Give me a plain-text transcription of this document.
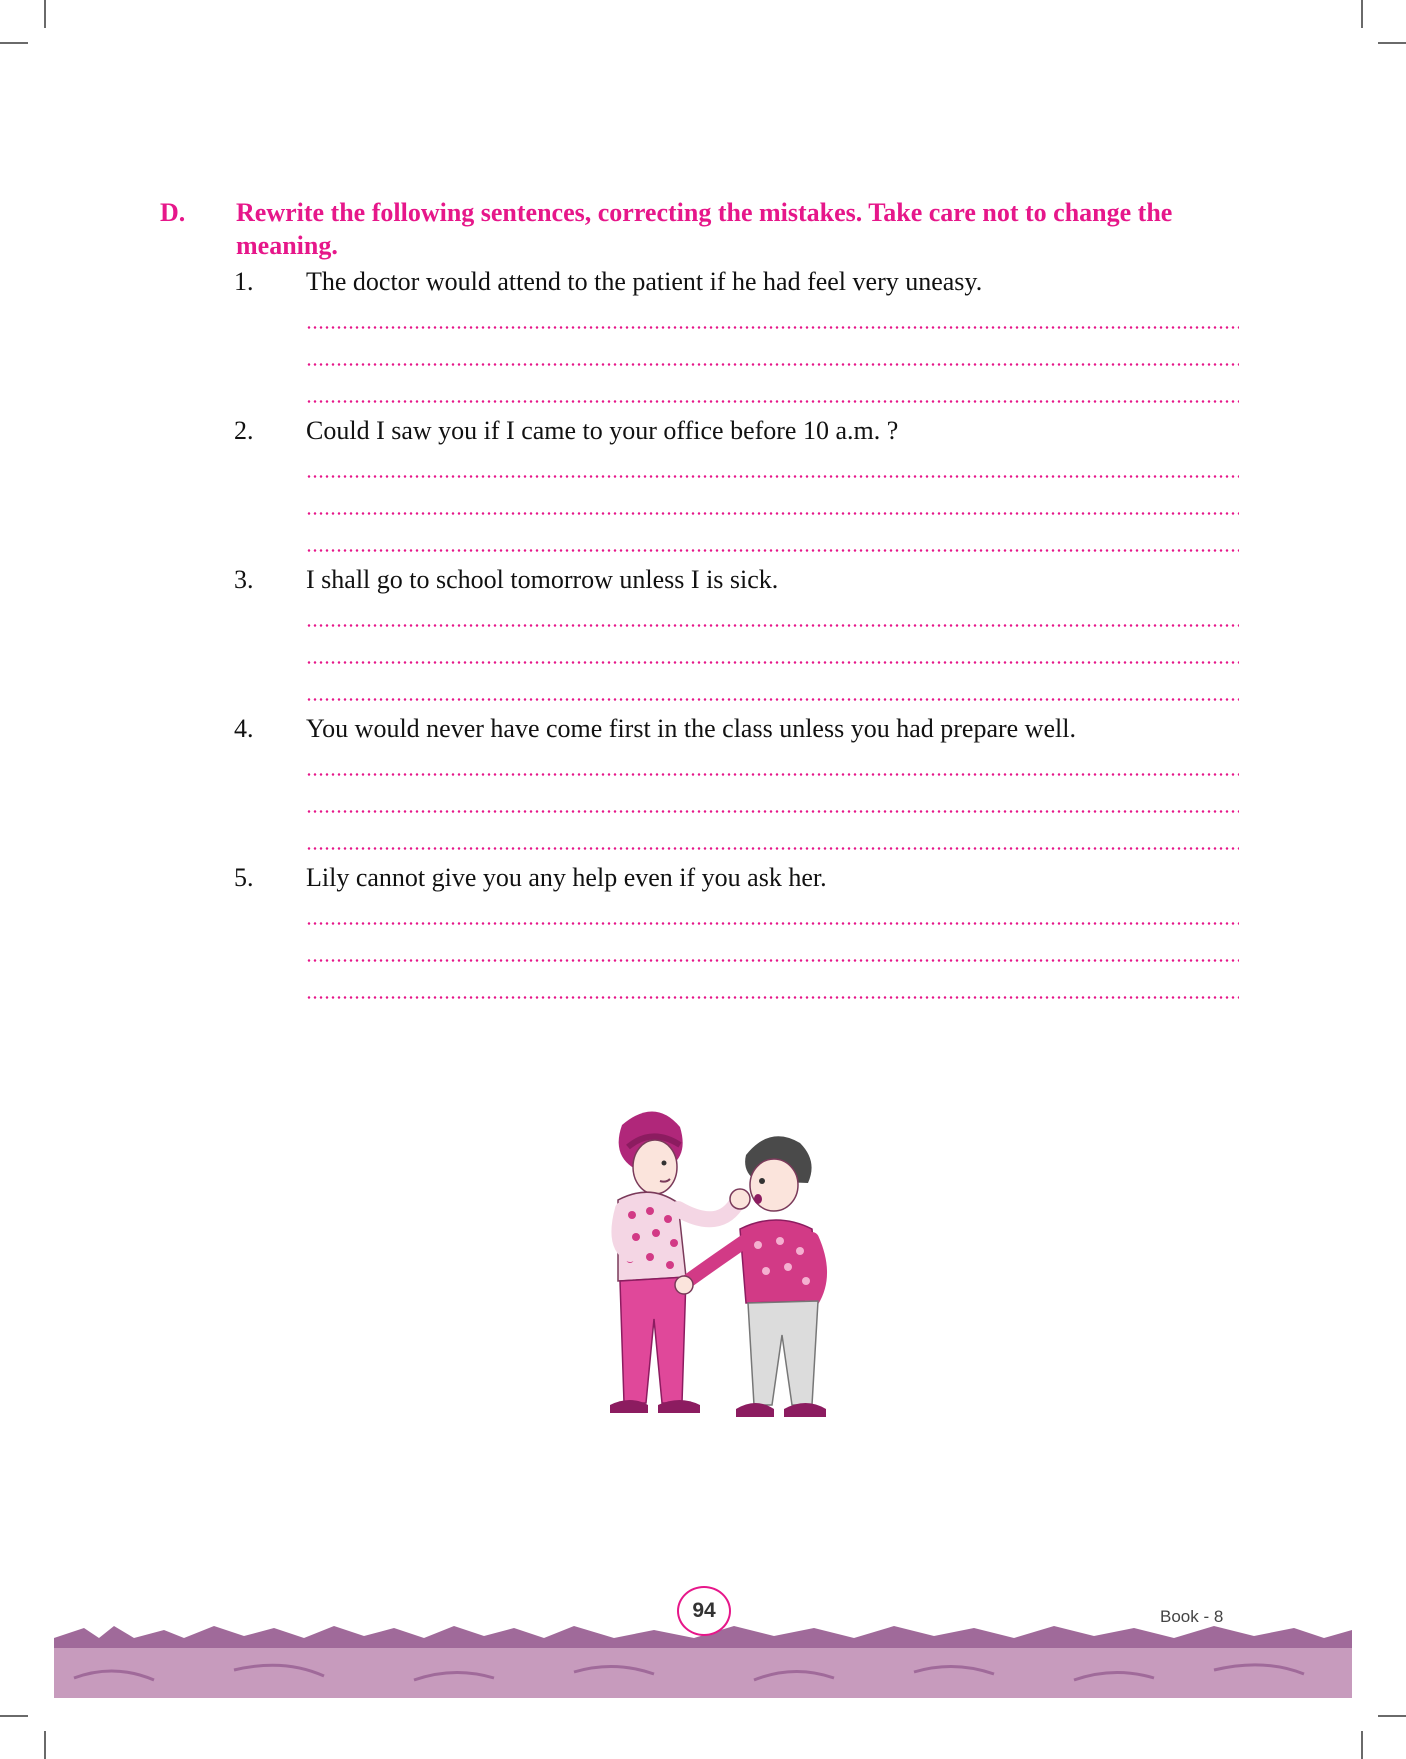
D. Rewrite the following sentences, correcting the mistakes. Take care not to change the meaning.
1. The doctor would attend to the patient if he had feel very uneasy.
2. Could I saw you if I came to your office before 10 a.m. ?
3. I shall go to school tomorrow unless I is sick.
4. You would never have come first in the class unless you had prepare well.
5. Lily cannot give you any help even if you ask her.
94	Book - 8
